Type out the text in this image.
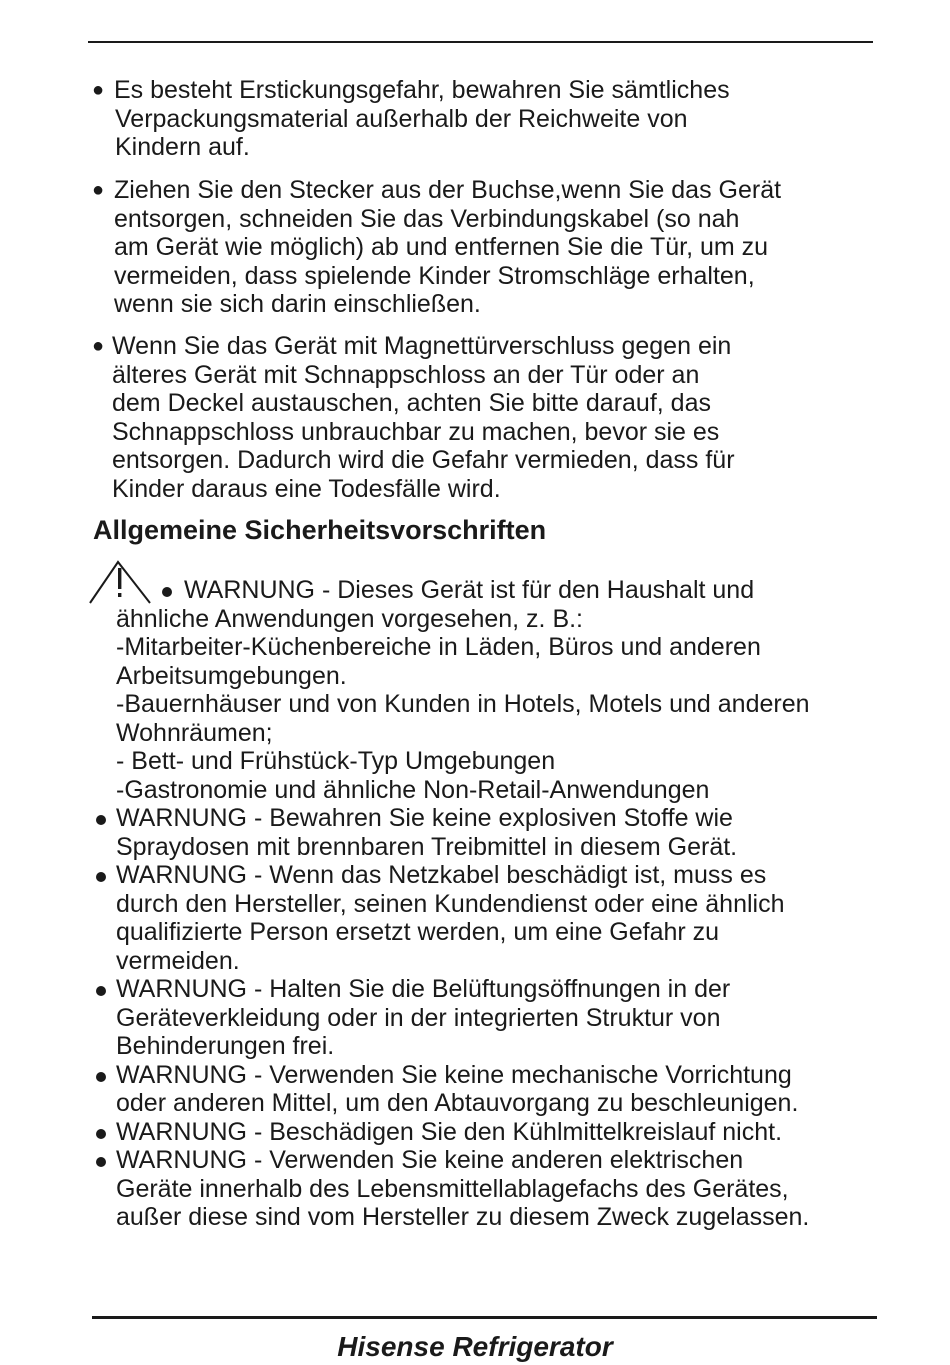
● Es besteht Erstickungsgefahr, bewahren Sie sämtliches
Verpackungsmaterial außerhalb der Reichweite von
Kindern auf.
● Ziehen Sie den Stecker aus der Buchse,wenn Sie das Gerät
entsorgen, schneiden Sie das Verbindungskabel (so nah
am Gerät wie möglich) ab und entfernen Sie die Tür, um zu
vermeiden, dass spielende Kinder Stromschläge erhalten,
wenn sie sich darin einschließen.
● Wenn Sie das Gerät mit Magnettürverschluss gegen ein
älteres Gerät mit Schnappschloss an der Tür oder an
dem Deckel austauschen, achten Sie bitte darauf, das
Schnappschloss unbrauchbar zu machen, bevor sie es
entsorgen. Dadurch wird die Gefahr vermieden, dass für
Kinder daraus eine Todesfälle wird.
Allgemeine Sicherheitsvorschriften
WARNUNG - Dieses Gerät ist für den Haushalt und
ähnliche Anwendungen vorgesehen, z. B.:
-Mitarbeiter-Küchenbereiche in Läden, Büros und anderen
Arbeitsumgebungen.
-Bauernhäuser und von Kunden in Hotels, Motels und anderen
Wohnräumen;
- Bett- und Frühstück-Typ Umgebungen
-Gastronomie und ähnliche Non-Retail-Anwendungen
WARNUNG - Bewahren Sie keine explosiven Stoffe wie
Spraydosen mit brennbaren Treibmittel in diesem Gerät.
WARNUNG - Wenn das Netzkabel beschädigt ist, muss es
durch den Hersteller, seinen Kundendienst oder eine ähnlich
qualifizierte Person ersetzt werden, um eine Gefahr zu
vermeiden.
WARNUNG - Halten Sie die Belüftungsöffnungen in der
Geräteverkleidung oder in der integrierten Struktur von
Behinderungen frei.
WARNUNG - Verwenden Sie keine mechanische Vorrichtung
oder anderen Mittel, um den Abtauvorgang zu beschleunigen.
WARNUNG - Beschädigen Sie den Kühlmittelkreislauf nicht.
WARNUNG - Verwenden Sie keine anderen elektrischen
Geräte innerhalb des Lebensmittellablagefachs des Gerätes,
außer diese sind vom Hersteller zu diesem Zweck zugelassen.
Hisense Refrigerator
